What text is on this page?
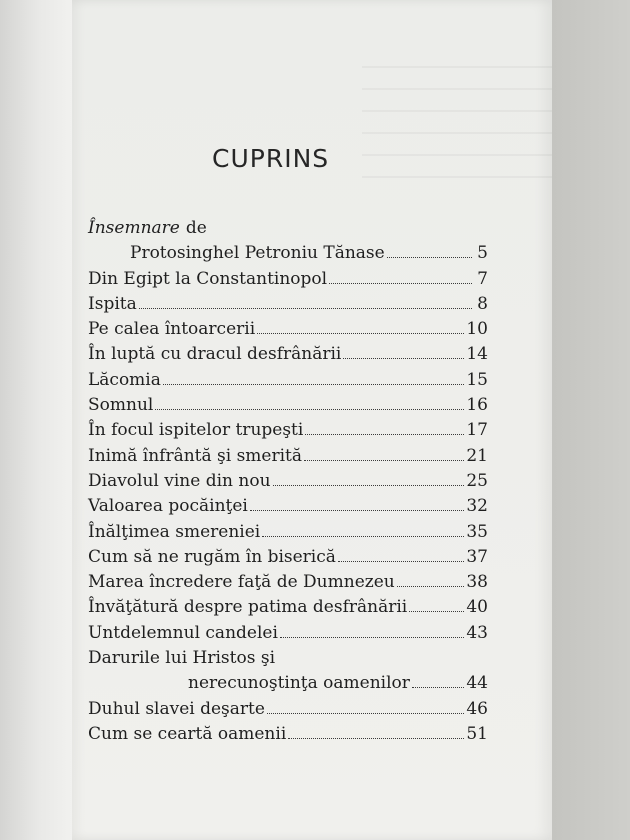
CUPRINS
Însemnare de
Protosinghel Petroniu Tănase	5
Din Egipt la Constantinopol	7
Ispita	8
Pe calea întoarcerii	10
În luptă cu dracul desfrânării	14
Lăcomia	15
Somnul	16
În focul ispitelor trupeşti	17
Inimă înfrântă şi smerită	21
Diavolul vine din nou	25
Valoarea pocăinţei	32
Înălţimea smereniei	35
Cum să ne rugăm în biserică	37
Marea încredere faţă de Dumnezeu	38
Învăţătură despre patima desfrânării	40
Untdelemnul candelei	43
Darurile lui Hristos şi
nerecunoştinţa oamenilor	44
Duhul slavei deşarte	46
Cum se ceartă oamenii	51
